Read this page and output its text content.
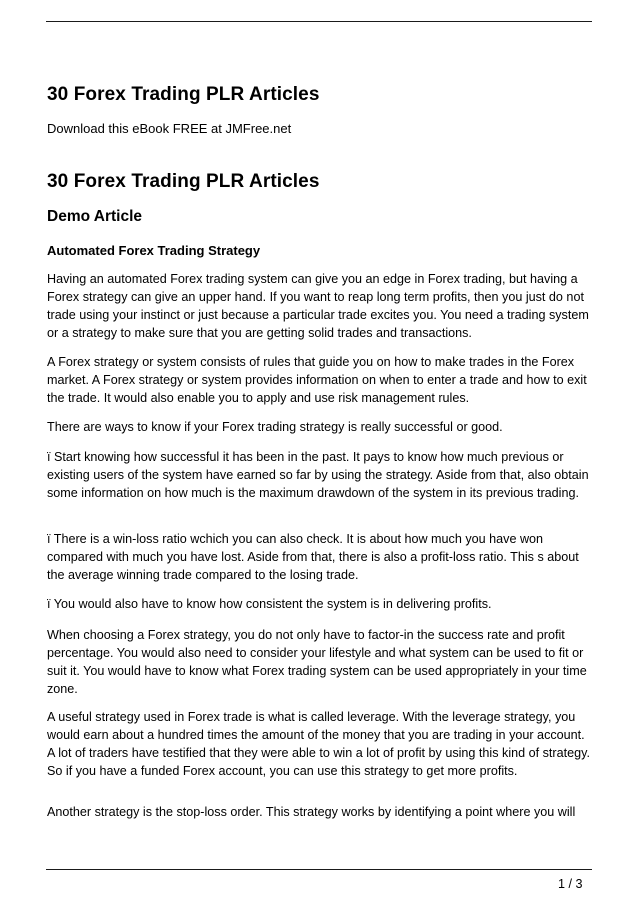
30 Forex Trading PLR Articles
Download this eBook FREE at JMFree.net
30 Forex Trading PLR Articles
Demo Article
Automated Forex Trading Strategy

Having an automated Forex trading system can give you an edge in Forex trading, but having a Forex strategy can give an upper hand. If you want to reap long term profits, then you just do not trade using your instinct or just because a particular trade excites you. You need a trading system or a strategy to make sure that you are getting solid trades and transactions.

A Forex strategy or system consists of rules that guide you on how to make trades in the Forex market. A Forex strategy or system provides information on when to enter a trade and how to exit the trade. It would also enable you to apply and use risk management rules.

There are ways to know if your Forex trading strategy is really successful or good.

ï Start knowing how successful it has been in the past. It pays to know how much previous or existing users of the system have earned so far by using the strategy. Aside from that, also obtain some information on how much is the maximum drawdown of the system in its previous trading.

ï There is a win-loss ratio wchich you can also check. It is about how much you have won compared with much you have lost. Aside from that, there is also a profit-loss ratio. This s about the average winning trade compared to the losing trade.

ï You would also have to know how consistent the system is in delivering profits.

When choosing a Forex strategy, you do not only have to factor-in the success rate and profit percentage. You would also need to consider your lifestyle and what system can be used to fit or suit it. You would have to know what Forex trading system can be used appropriately in your time zone.

A useful strategy used in Forex trade is what is called leverage. With the leverage strategy, you would earn about a hundred times the amount of the money that you are trading in your account. A lot of traders have testified that they were able to win a lot of profit by using this kind of strategy. So if you have a funded Forex account, you can use this strategy to get more profits.

Another strategy is the stop-loss order. This strategy works by identifying a point where you will

1 / 3
